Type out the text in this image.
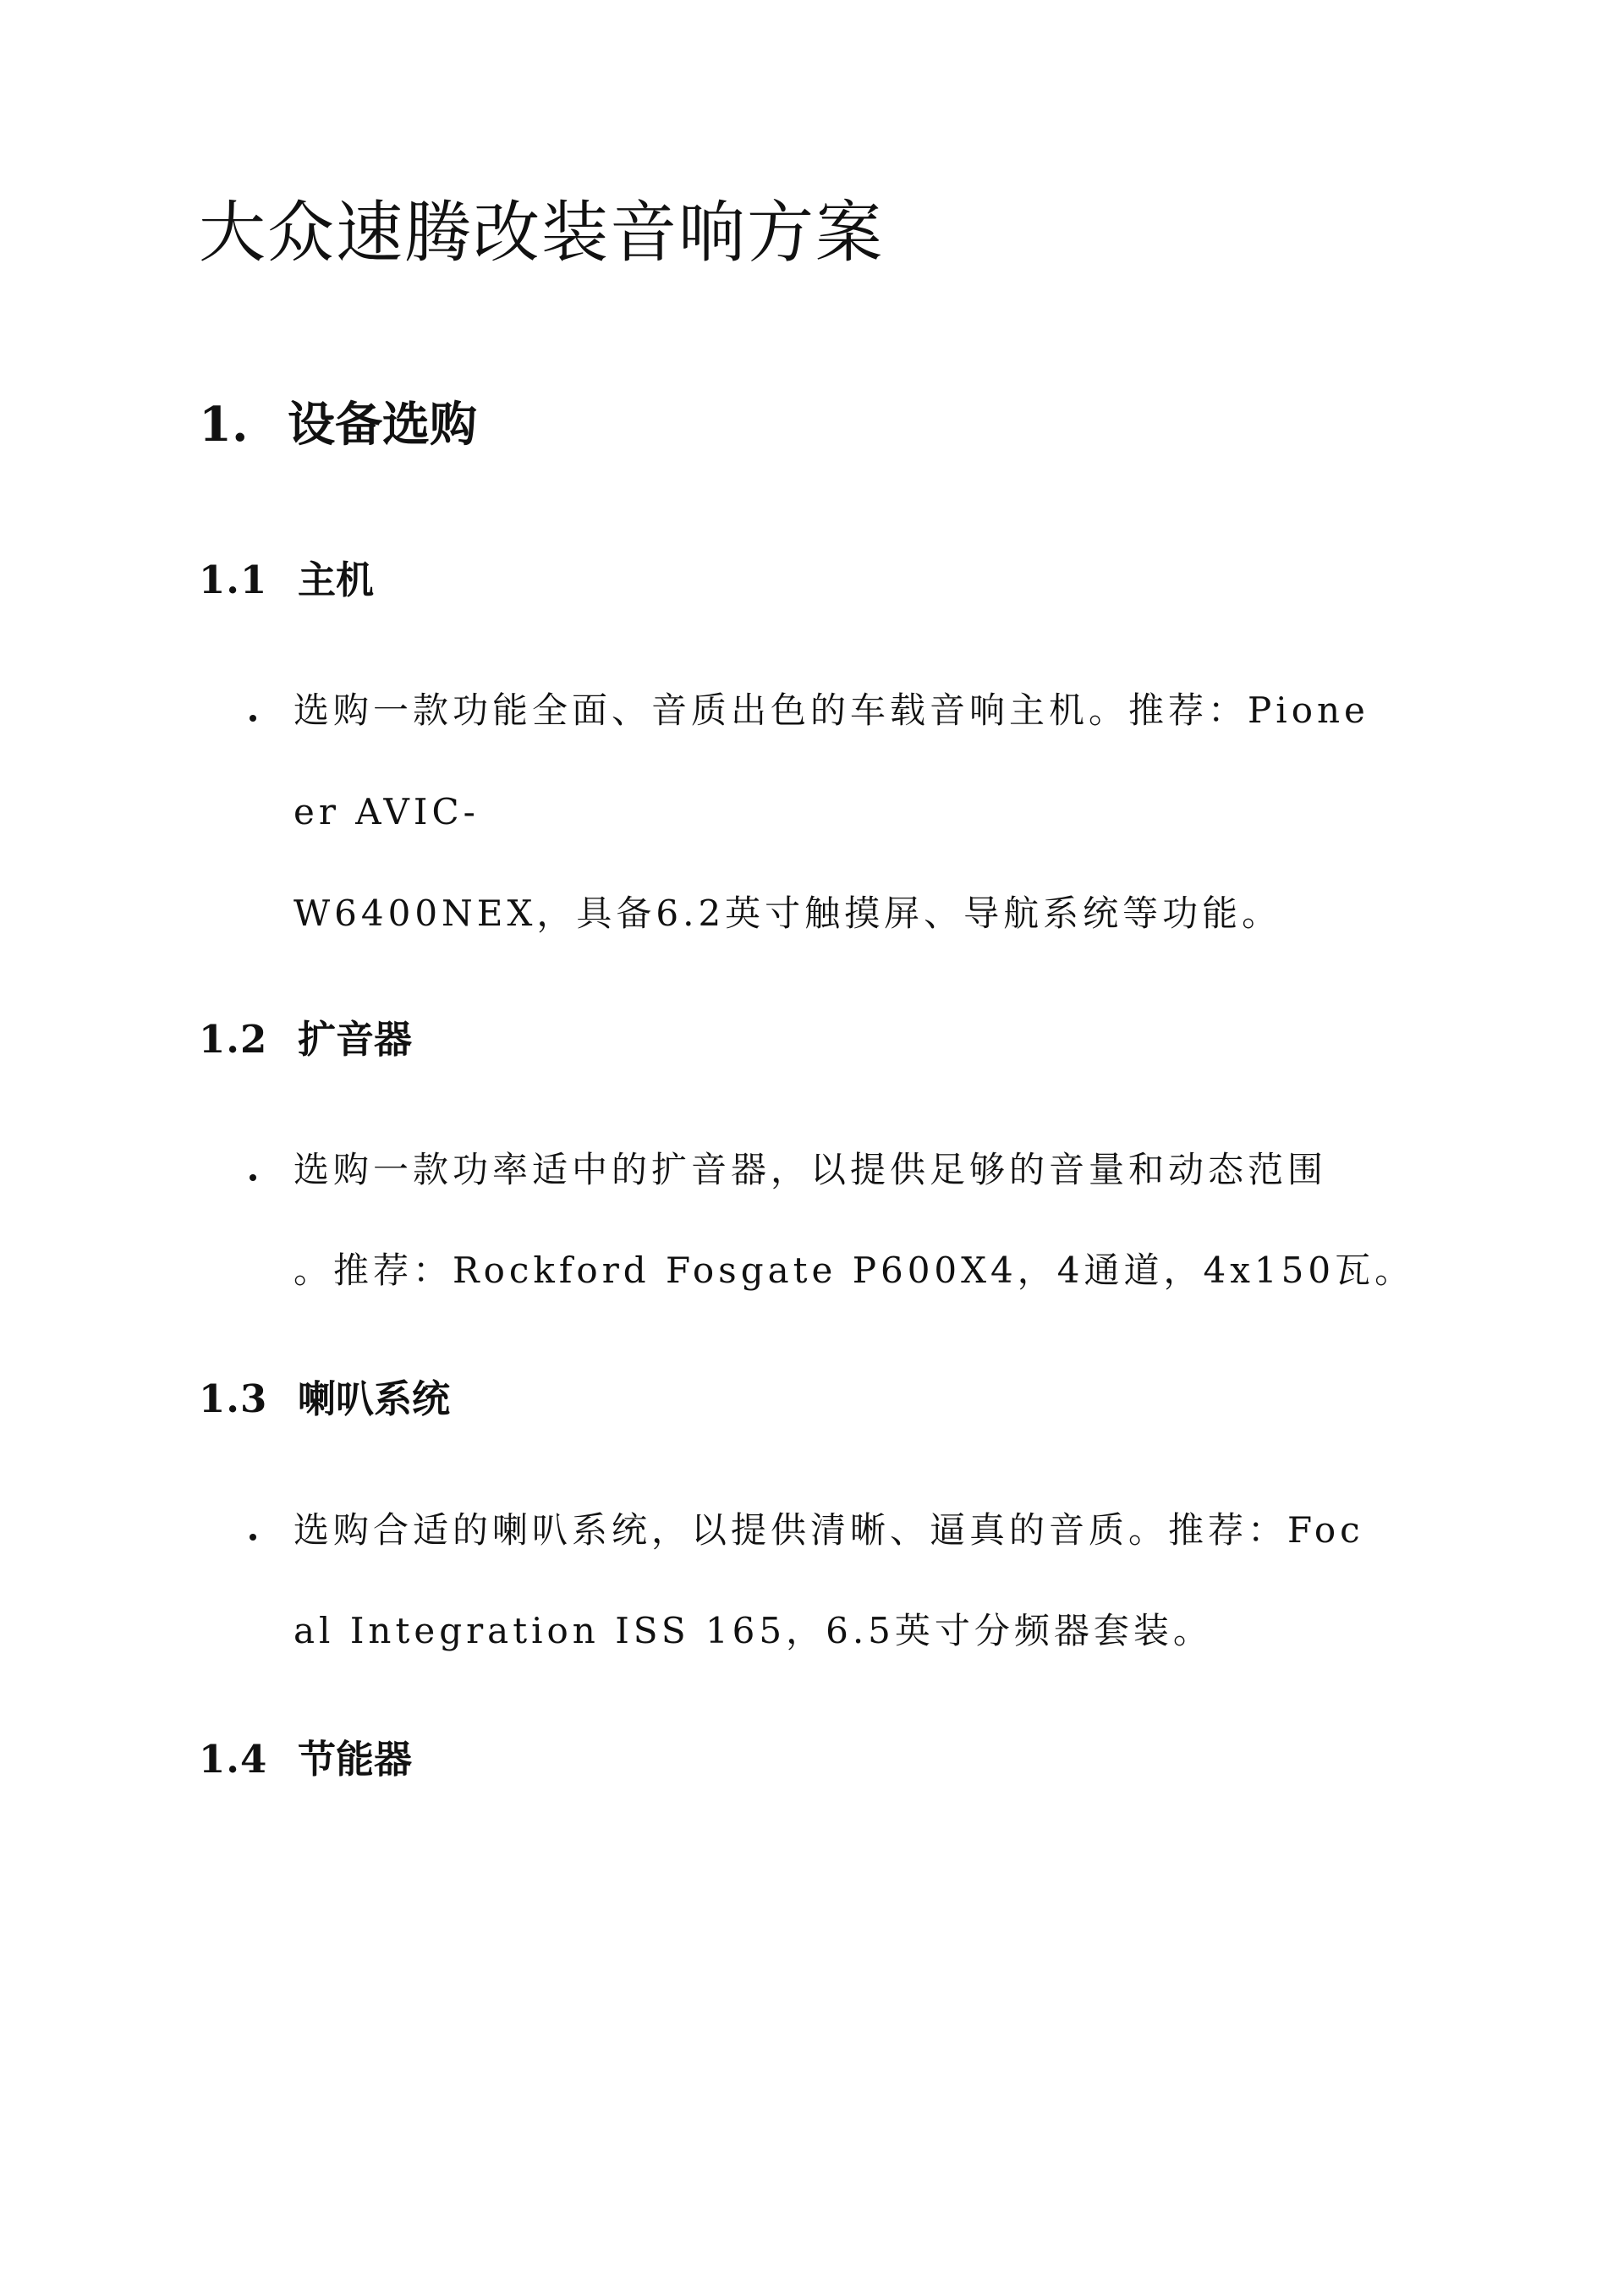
大众速腾改装音响方案
1. 设备选购
1.1 主机

选购一款功能全面、音质出色的车载音响主机。推荐：Pione

er AVIC-

W6400NEX，具备6.2英寸触摸屏、导航系统等功能。

1.2 扩音器

选购一款功率适中的扩音器，以提供足够的音量和动态范围

。推荐：Rockford Fosgate P600X4，4通道，4x150瓦。

1.3 喇叭系统

选购合适的喇叭系统，以提供清晰、逼真的音质。推荐：Foc

al Integration ISS 165，6.5英寸分频器套装。

1.4 节能器
